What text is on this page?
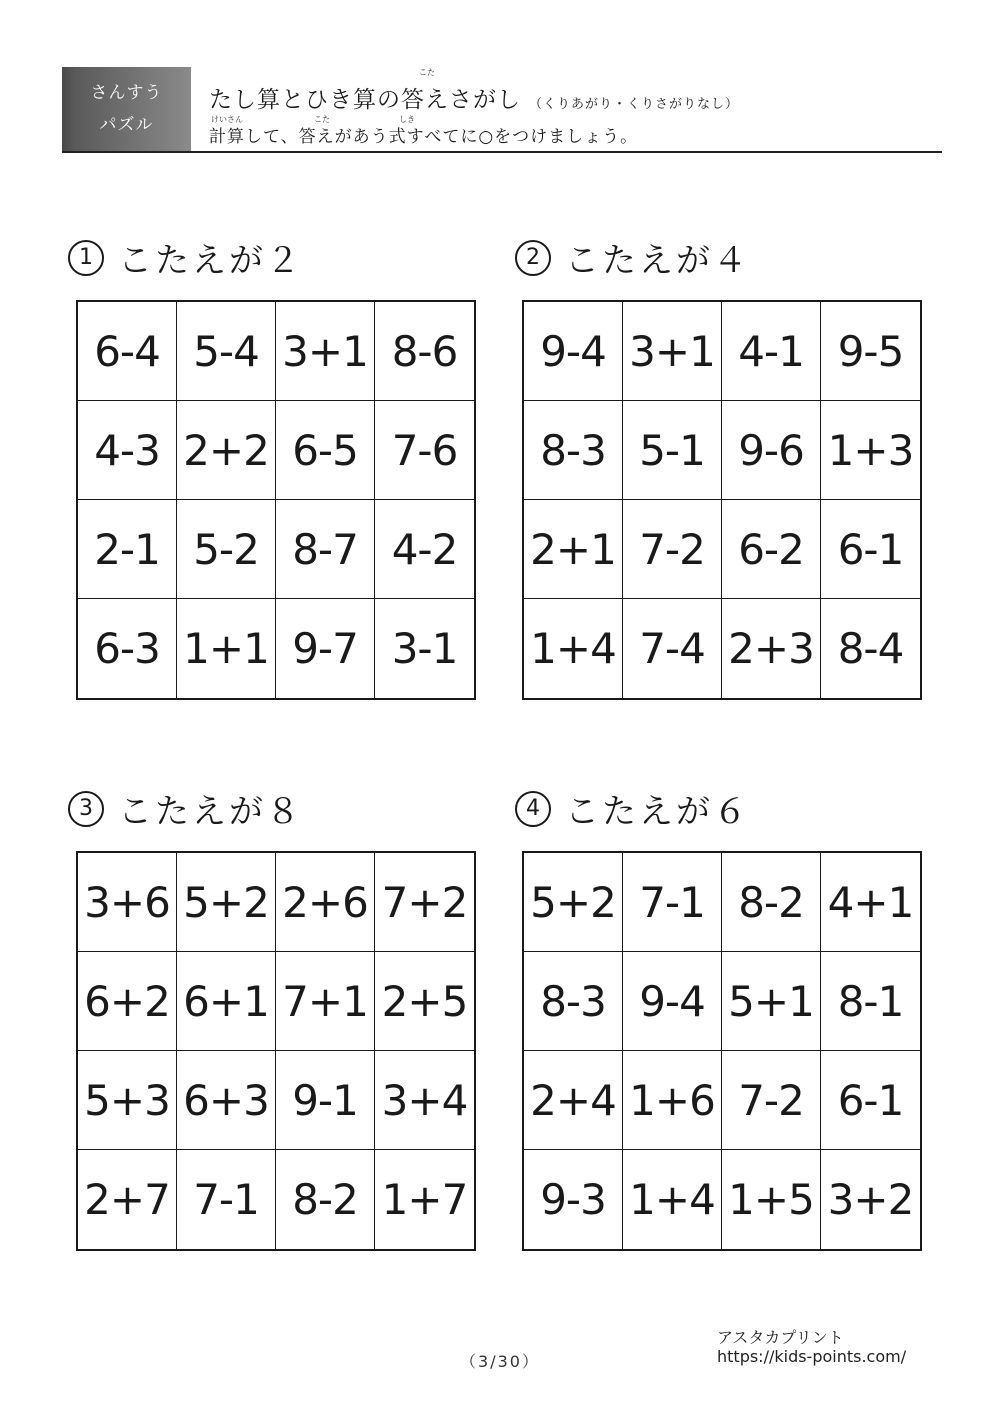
さんすう
パズル
こた
たし算とひき算の答えさがし （くりあがり・くりさがりなし）
けいさん	こた	しき
計算して、答えがあう式すべてに○をつけましょう。
1 こたえが２
6-4 5-4 3+1 8-6
4-3 2+2 6-5 7-6
2-1 5-2 8-7 4-2
6-3 1+1 9-7 3-1
2 こたえが４
9-4 3+1 4-1 9-5
8-3 5-1 9-6 1+3
2+1 7-2 6-2 6-1
1+4 7-4 2+3 8-4
3 こたえが８
3+6 5+2 2+6 7+2
6+2 6+1 7+1 2+5
5+3 6+3 9-1 3+4
2+7 7-1 8-2 1+7
4 こたえが６
5+2 7-1 8-2 4+1
8-3 9-4 5+1 8-1
2+4 1+6 7-2 6-1
9-3 1+4 1+5 3+2
（3/30）
アスタカプリント
https://kids-points.com/
